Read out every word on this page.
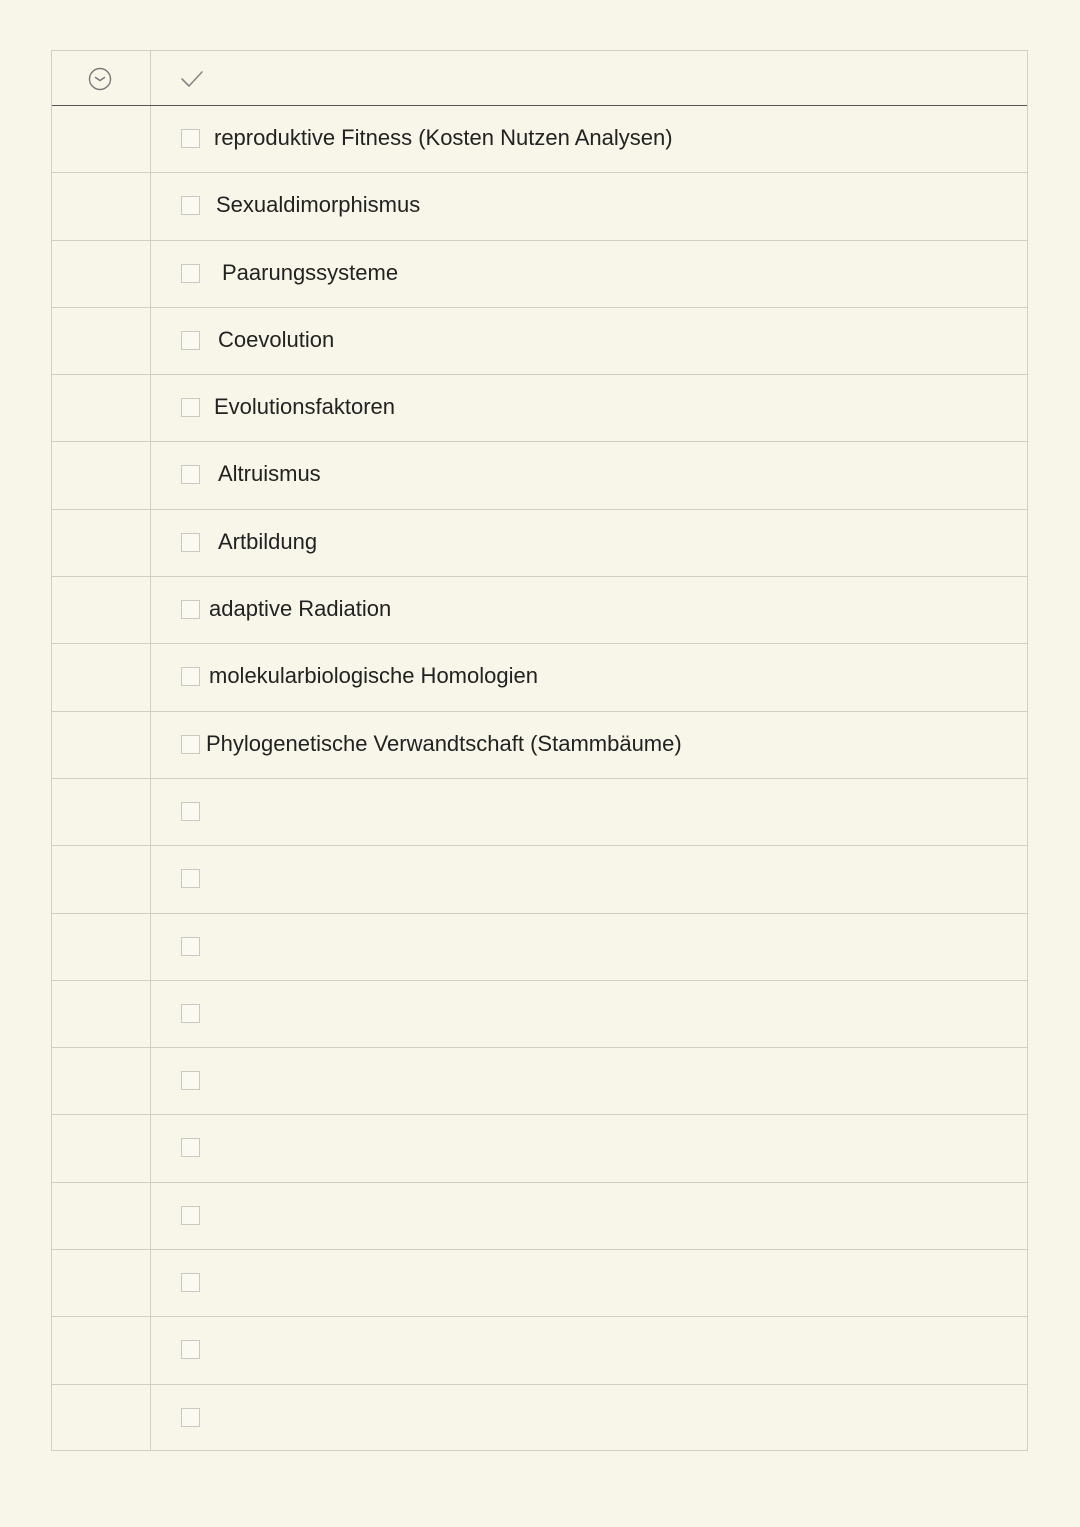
reproduktive Fitness (Kosten Nutzen Analysen)
Sexualdimorphismus
Paarungssysteme
Coevolution
Evolutionsfaktoren
Altruismus
Artbildung
adaptive Radiation
molekularbiologische Homologien
Phylogenetische Verwandtschaft (Stammbäume)
